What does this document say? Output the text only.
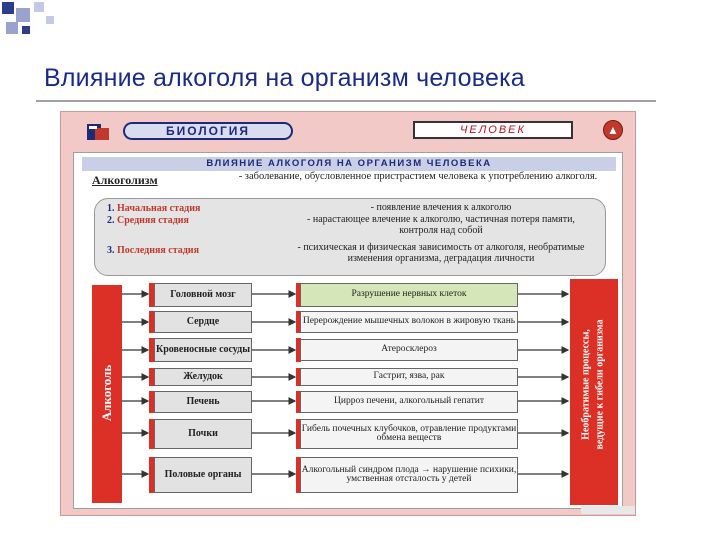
Влияние алкоголя на организм человека
БИОЛОГИЯ	ЧЕЛОВЕК	▲
ВЛИЯНИЕ АЛКОГОЛЯ НА ОРГАНИЗМ ЧЕЛОВЕКА
Алкоголизм	- заболевание, обусловленное пристрастием человека к употреблению алкоголя.
1. Начальная стадия	- появление влечения к алкоголю
2. Средняя стадия	- нарастающее влечение к алкоголю, частичная потеря памяти, контроля над собой
3. Последняя стадия	- психическая и физическая зависимость от алкоголя, необратимые изменения организма, деградация личности
Алкоголь	Необратимые процессы, ведущие к гибели организма
Головной мозг	Разрушение нервных клеток
Сердце	Перерождение мышечных волокон в жировую ткань
Кровеносные сосуды	Атеросклероз
Желудок	Гастрит, язва, рак
Печень	Цирроз печени, алкогольный гепатит
Почки	Гибель почечных клубочков, отравление продуктами обмена веществ
Половые органы	Алкогольный синдром плода → нарушение психики, умственная отсталость у детей
